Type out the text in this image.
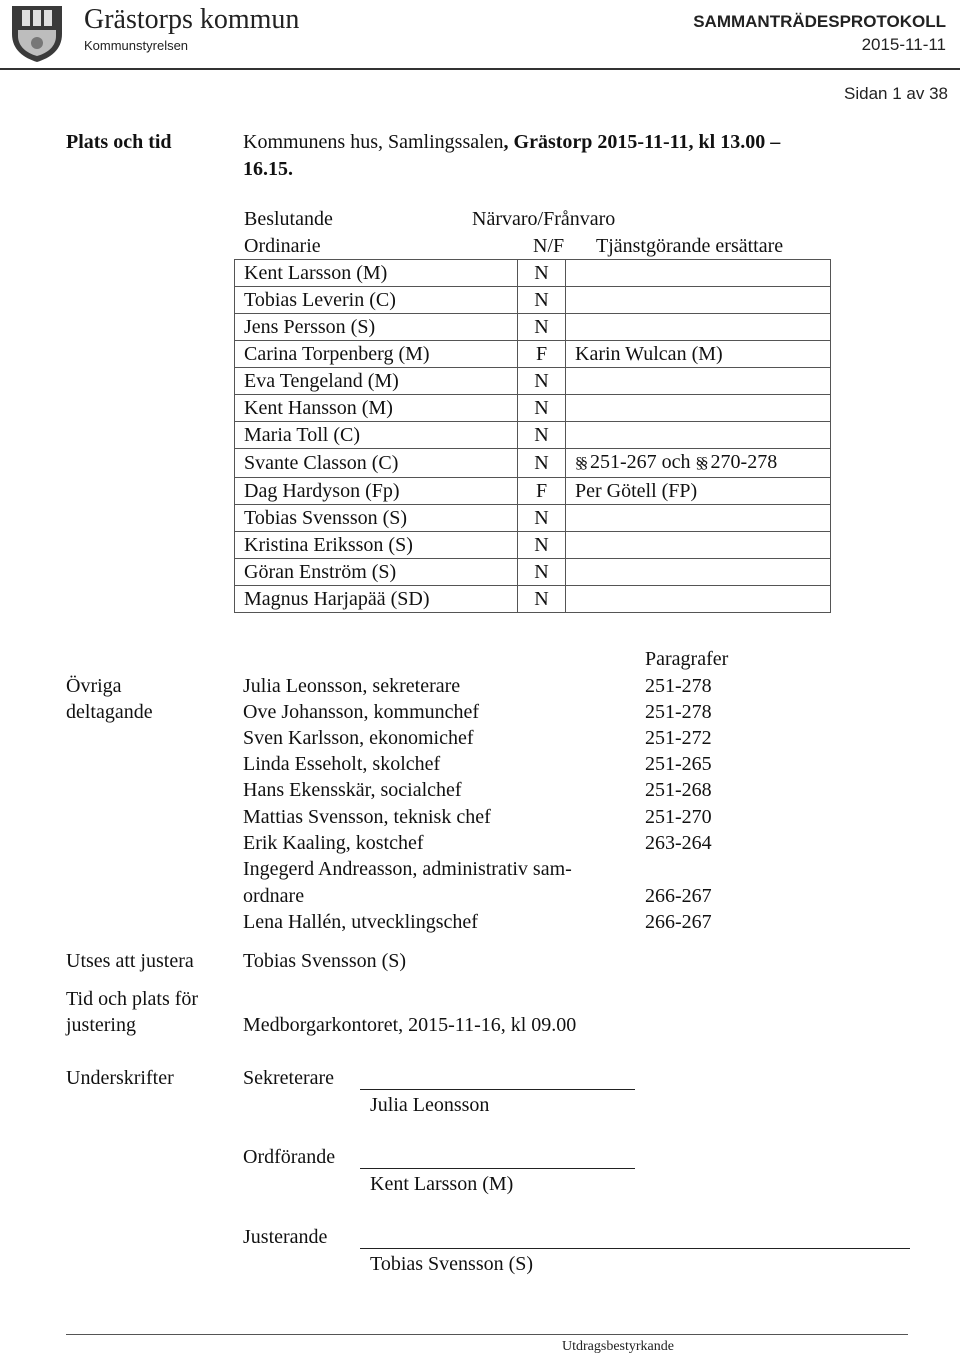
Grästorps kommun
Kommunstyrelsen
SAMMANTRÄDESPROTOKOLL
2015-11-11
Sidan 1 av 38
Plats och tid	Kommunens hus, Samlingssalen, Grästorp 2015-11-11, kl 13.00 –
16.15.
Beslutande	Närvaro/Frånvaro
Ordinarie	N/F Tjänstgörande ersättare
Kent Larsson (M)	N	

Tobias Leverin (C)	N	

Jens Persson (S)	N	

Carina Torpenberg (M)	F	Karin Wulcan (M)
Eva Tengeland (M)	N	

Kent Hansson (M)	N	

Maria Toll (C)	N	

Svante Classon (C)	N	§§ 251-267 och §§ 270-278
Dag Hardyson (Fp)	F	Per Götell (FP)
Tobias Svensson (S)	N	

Kristina Eriksson (S)	N	

Göran Enström (S)	N	

Magnus Harjapää (SD)	N	

Paragrafer
Övriga
deltagande
Julia Leonsson, sekreterare	251-278
Ove Johansson, kommunchef	251-278
Sven Karlsson, ekonomichef	251-272
Linda Esseholt, skolchef	251-265
Hans Ekensskär, socialchef	251-268
Mattias Svensson, teknisk chef	251-270
Erik Kaaling, kostchef	263-264
Ingegerd Andreasson, administrativ sam-
ordnare	266-267
Lena Hallén, utvecklingschef	266-267
Utses att justera Tobias Svensson (S)
Tid och plats för
justering	Medborgarkontoret, 2015-11-16, kl 09.00
Underskrifter	Sekreterare
Julia Leonsson
Ordförande
Kent Larsson (M)
Justerande
Tobias Svensson (S)
Utdragsbestyrkande
